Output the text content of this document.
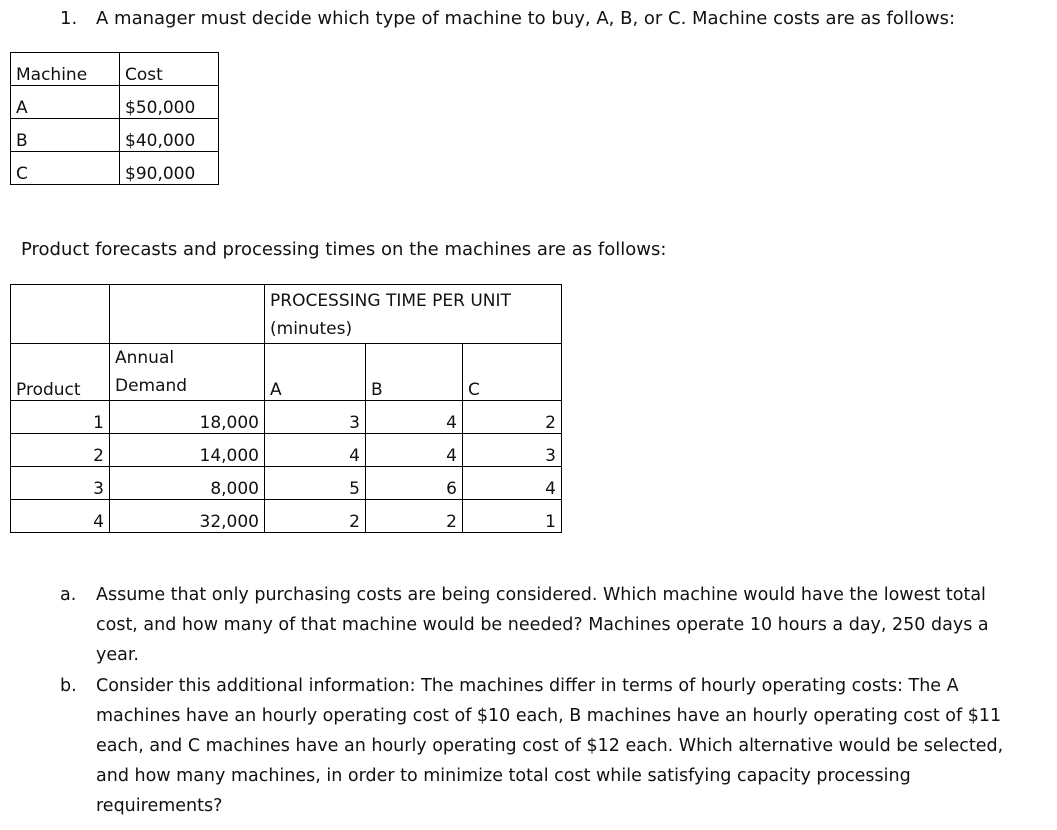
1. A manager must decide which type of machine to buy, A, B, or C. Machine costs are as follows:
Machine	Cost
A	$50,000
B	$40,000
C	$90,000
Product forecasts and processing times on the machines are as follows:

		PROCESSING TIME PER UNIT
(minutes)		

Product	Annual
Demand	A	B	C
1	18,000	3	4	2
2	14,000	4	4	3
3	8,000	5	6	4
4	32,000	2	2	1
a. Assume that only purchasing costs are being considered. Which machine would have the lowest total cost, and how many of that machine would be needed? Machines operate 10 hours a day, 250 days a year.
b. Consider this additional information: The machines differ in terms of hourly operating costs: The A machines have an hourly operating cost of $10 each, B machines have an hourly operating cost of $11 each, and C machines have an hourly operating cost of $12 each. Which alternative would be selected, and how many machines, in order to minimize total cost while satisfying capacity processing requirements?
